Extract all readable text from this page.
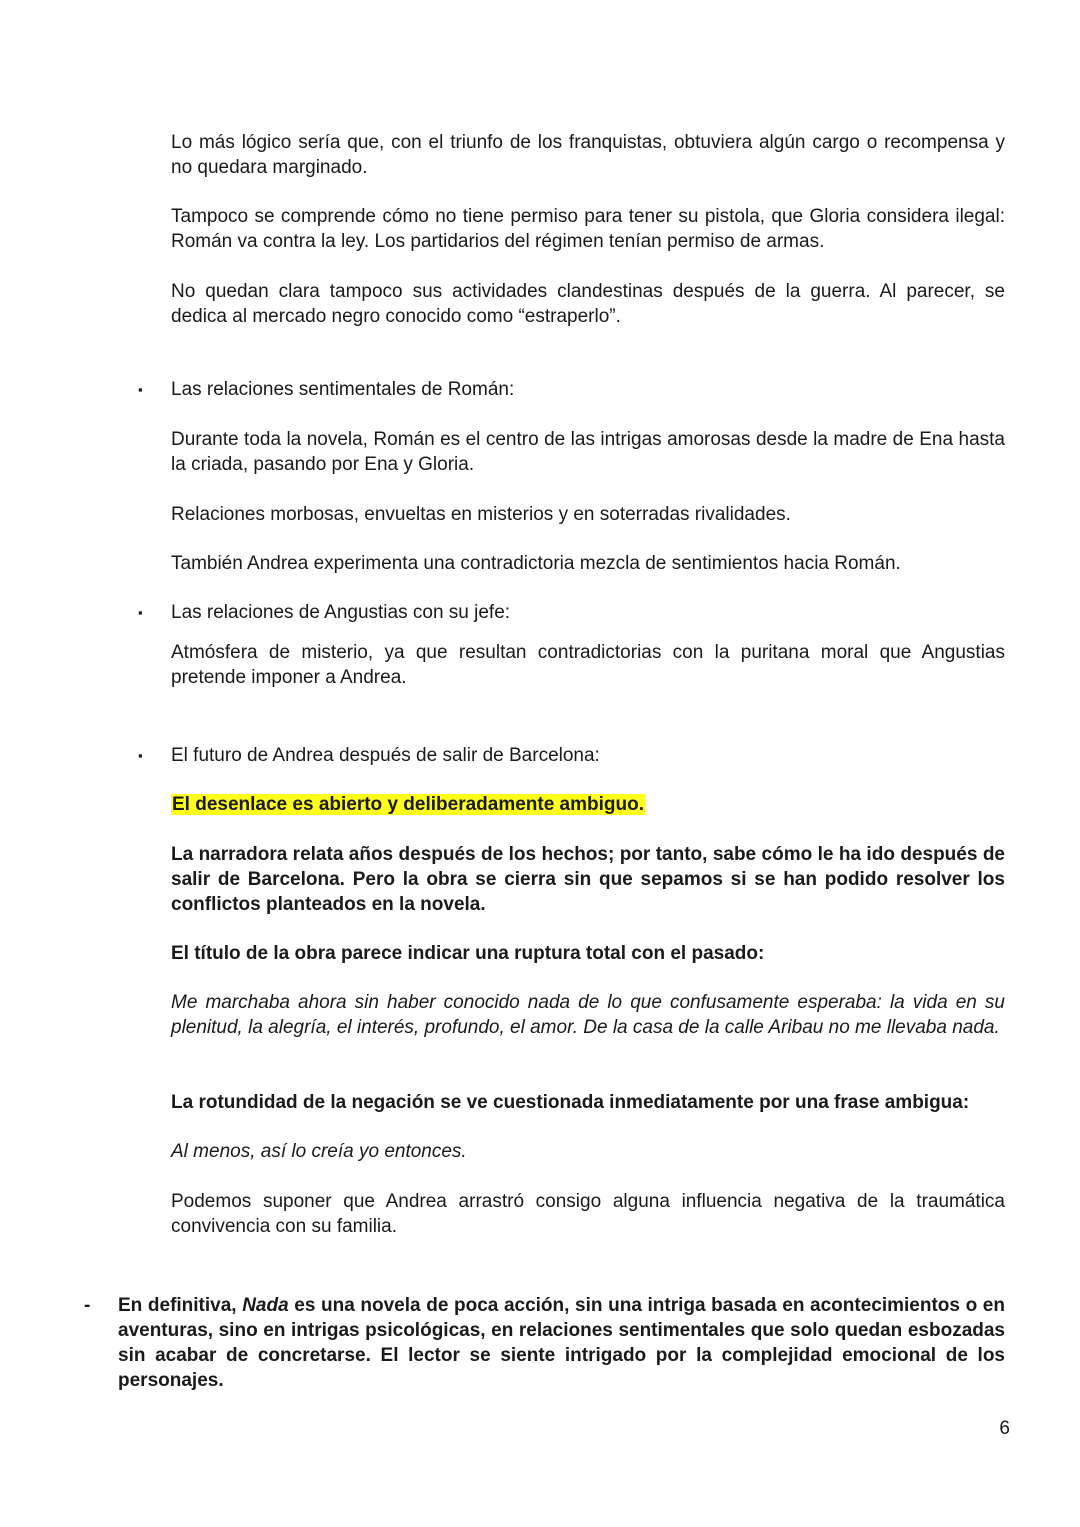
Lo más lógico sería que, con el triunfo de los franquistas, obtuviera algún cargo o recompensa y no quedara marginado.

Tampoco se comprende cómo no tiene permiso para tener su pistola, que Gloria considera ilegal: Román va contra la ley. Los partidarios del régimen tenían permiso de armas.

No quedan clara tampoco sus actividades clandestinas después de la guerra. Al parecer, se dedica al mercado negro conocido como “estraperlo”.

▪ Las relaciones sentimentales de Román:

Durante toda la novela, Román es el centro de las intrigas amorosas desde la madre de Ena hasta la criada, pasando por Ena y Gloria.

Relaciones morbosas, envueltas en misterios y en soterradas rivalidades.

También Andrea experimenta una contradictoria mezcla de sentimientos hacia Román.

▪ Las relaciones de Angustias con su jefe:

Atmósfera de misterio, ya que resultan contradictorias con la puritana moral que Angustias pretende imponer a Andrea.

▪ El futuro de Andrea después de salir de Barcelona:

El desenlace es abierto y deliberadamente ambiguo.

La narradora relata años después de los hechos; por tanto, sabe cómo le ha ido después de salir de Barcelona. Pero la obra se cierra sin que sepamos si se han podido resolver los conflictos planteados en la novela.

El título de la obra parece indicar una ruptura total con el pasado:

Me marchaba ahora sin haber conocido nada de lo que confusamente esperaba: la vida en su plenitud, la alegría, el interés, profundo, el amor. De la casa de la calle Aribau no me llevaba nada.

La rotundidad de la negación se ve cuestionada inmediatamente por una frase ambigua:

Al menos, así lo creía yo entonces.

Podemos suponer que Andrea arrastró consigo alguna influencia negativa de la traumática convivencia con su familia.

- En definitiva, Nada es una novela de poca acción, sin una intriga basada en acontecimientos o en aventuras, sino en intrigas psicológicas, en relaciones sentimentales que solo quedan esbozadas sin acabar de concretarse. El lector se siente intrigado por la complejidad emocional de los personajes.

6
